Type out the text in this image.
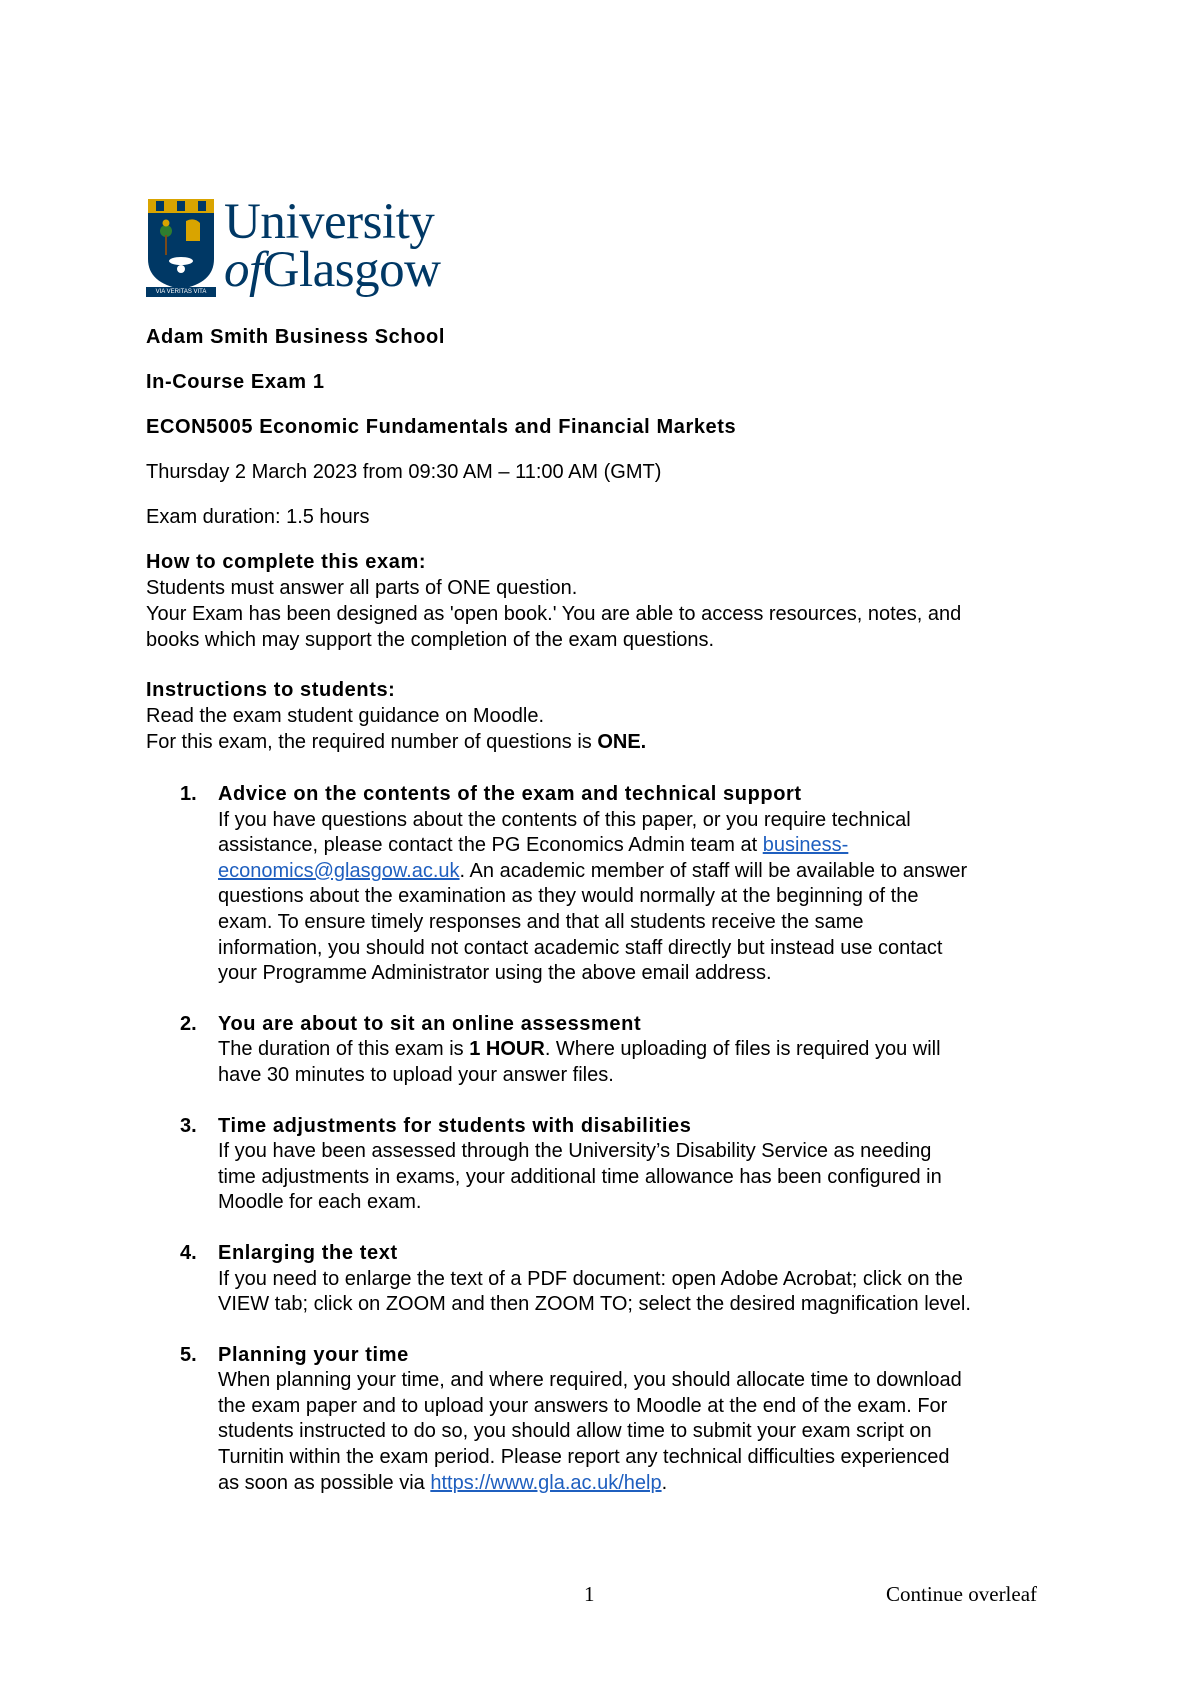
University
ofGlasgow
VIA VERITAS VITA

Adam Smith Business School

In-Course Exam 1

ECON5005 Economic Fundamentals and Financial Markets

Thursday 2 March 2023 from 09:30 AM – 11:00 AM (GMT)

Exam duration: 1.5 hours

How to complete this exam:
Students must answer all parts of ONE question.
Your Exam has been designed as 'open book.' You are able to access resources, notes, and
books which may support the completion of the exam questions.
Instructions to students:
Read the exam student guidance on Moodle.
For this exam, the required number of questions is ONE.
1. Advice on the contents of the exam and technical support
If you have questions about the contents of this paper, or you require technical
assistance, please contact the PG Economics Admin team at business-
economics@glasgow.ac.uk. An academic member of staff will be available to answer
questions about the examination as they would normally at the beginning of the
exam. To ensure timely responses and that all students receive the same
information, you should not contact academic staff directly but instead use contact
your Programme Administrator using the above email address.
2. You are about to sit an online assessment
The duration of this exam is 1 HOUR. Where uploading of files is required you will
have 30 minutes to upload your answer files.
3. Time adjustments for students with disabilities
If you have been assessed through the University’s Disability Service as needing
time adjustments in exams, your additional time allowance has been configured in
Moodle for each exam.
4. Enlarging the text
If you need to enlarge the text of a PDF document: open Adobe Acrobat; click on the
VIEW tab; click on ZOOM and then ZOOM TO; select the desired magnification level.
5. Planning your time
When planning your time, and where required, you should allocate time to download
the exam paper and to upload your answers to Moodle at the end of the exam. For
students instructed to do so, you should allow time to submit your exam script on
Turnitin within the exam period. Please report any technical difficulties experienced
as soon as possible via https://www.gla.ac.uk/help.
1	Continue overleaf
